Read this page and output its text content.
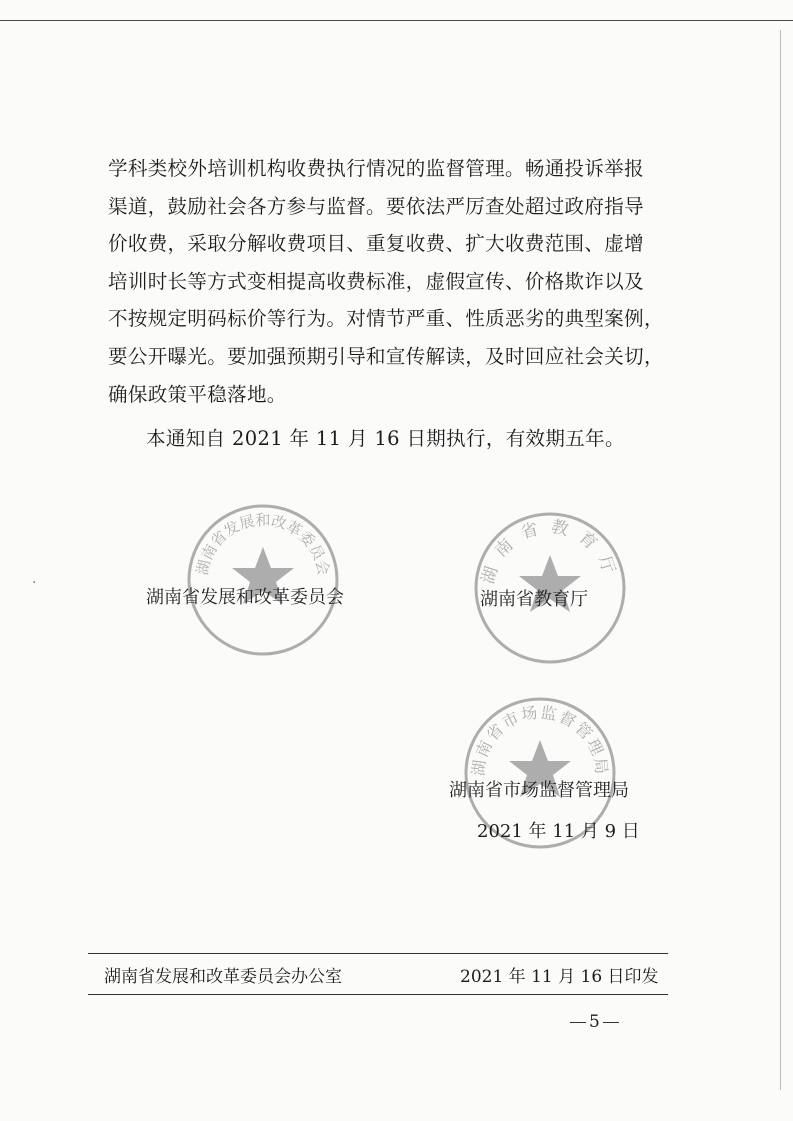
·
学科类校外培训机构收费执行情况的监督管理。畅通投诉举报
渠道，鼓励社会各方参与监督。要依法严厉查处超过政府指导
价收费，采取分解收费项目、重复收费、扩大收费范围、虚增
培训时长等方式变相提高收费标准，虚假宣传、价格欺诈以及
不按规定明码标价等行为。对情节严重、性质恶劣的典型案例，
要公开曝光。要加强预期引导和宣传解读，及时回应社会关切，
确保政策平稳落地。
本通知自 2021 年 11 月 16 日期执行，有效期五年。
湖南省发展和改革委员会	湖南省教育厅
湖南省市场监督管理局
湖南省发展和改革委员会	湖南省教育厅
湖南省市场监督管理局
2021 年 11 月 9 日
湖南省发展和改革委员会办公室	2021 年 11 月 16 日印发
5
